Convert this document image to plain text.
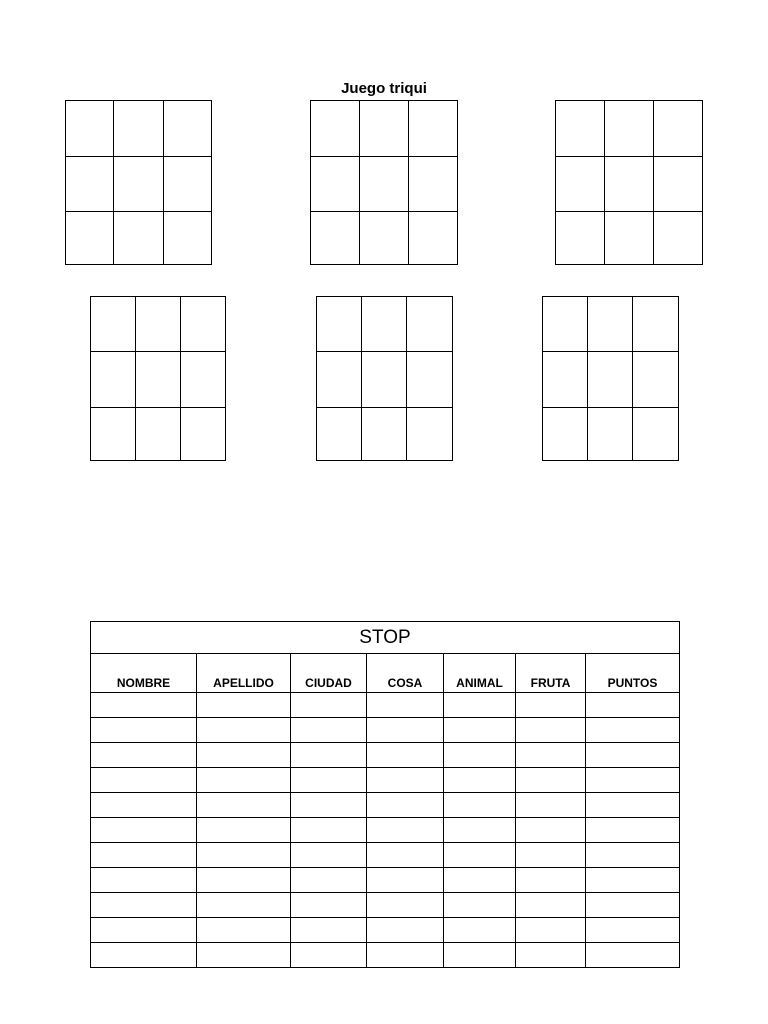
Juego triqui
STOP						
NOMBRE	APELLIDO	CIUDAD	COSA	ANIMAL	FRUTA	PUNTOS
